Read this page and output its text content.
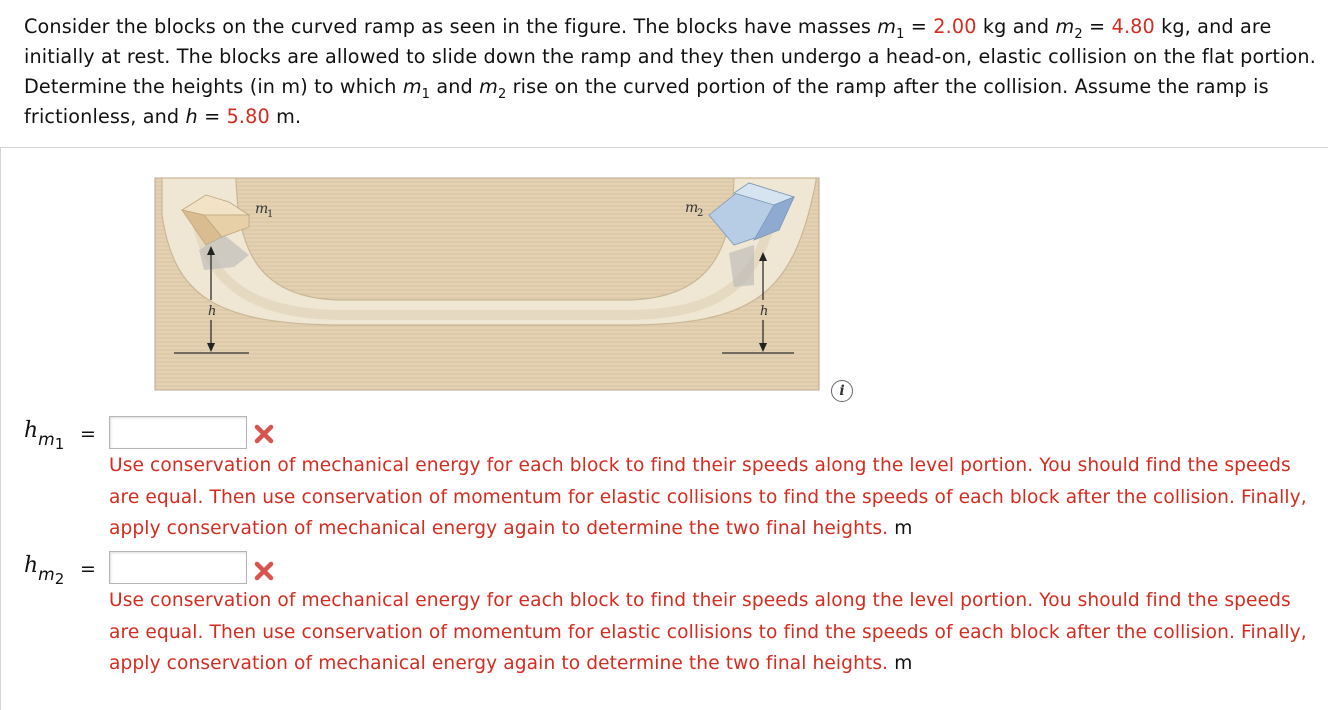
Consider the blocks on the curved ramp as seen in the figure. The blocks have masses $m_1 = 2.00$ kg and $m_2 = 4.80$ kg, and are initially at rest. The blocks are allowed to slide down the ramp and they then undergo a head-on, elastic collision on the flat portion. Determine the heights (in m) to which $m_1$ and $m_2$ rise on the curved portion of the ramp after the collision. Assume the ramp is frictionless, and h = 5.80 m.
h	h
m
1	m
2
i
$h_{m1}$ =
Use conservation of mechanical energy for each block to find their speeds along the level portion. You should find the speeds are equal. Then use conservation of momentum for elastic collisions to find the speeds of each block after the collision. Finally, apply conservation of mechanical energy again to determine the two final heights. m
$h_{m2}$ =
Use conservation of mechanical energy for each block to find their speeds along the level portion. You should find the speeds are equal. Then use conservation of momentum for elastic collisions to find the speeds of each block after the collision. Finally, apply conservation of mechanical energy again to determine the two final heights. m
